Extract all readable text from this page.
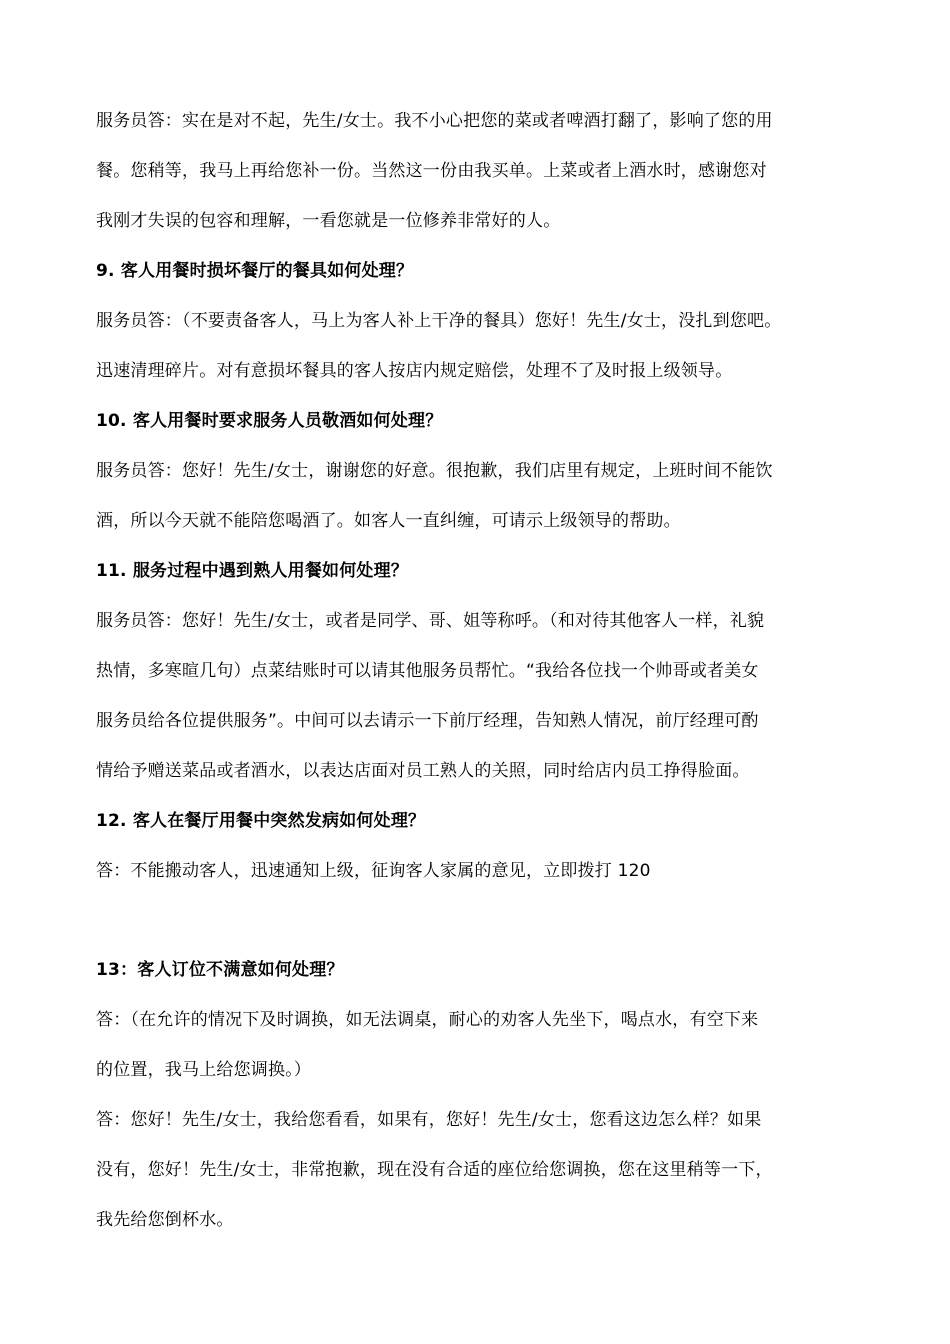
服务员答：实在是对不起，先生/女士。我不小心把您的菜或者啤酒打翻了，影响了您的用
餐。您稍等，我马上再给您补一份。当然这一份由我买单。上菜或者上酒水时，感谢您对
我刚才失误的包容和理解，一看您就是一位修养非常好的人。
9. 客人用餐时损坏餐厅的餐具如何处理？
服务员答：（不要责备客人，马上为客人补上干净的餐具）您好！先生/女士，没扎到您吧。
迅速清理碎片。对有意损坏餐具的客人按店内规定赔偿，处理不了及时报上级领导。
10. 客人用餐时要求服务人员敬酒如何处理？
服务员答：您好！先生/女士，谢谢您的好意。很抱歉，我们店里有规定，上班时间不能饮
酒，所以今天就不能陪您喝酒了。如客人一直纠缠，可请示上级领导的帮助。
11. 服务过程中遇到熟人用餐如何处理？
服务员答：您好！先生/女士，或者是同学、哥、姐等称呼。（和对待其他客人一样，礼貌
热情，多寒暄几句）点菜结账时可以请其他服务员帮忙。“我给各位找一个帅哥或者美女
服务员给各位提供服务”。中间可以去请示一下前厅经理，告知熟人情况，前厅经理可酌
情给予赠送菜品或者酒水，以表达店面对员工熟人的关照，同时给店内员工挣得脸面。
12. 客人在餐厅用餐中突然发病如何处理？
答：不能搬动客人，迅速通知上级，征询客人家属的意见，立即拨打 120
13：客人订位不满意如何处理？
答：（在允许的情况下及时调换，如无法调桌，耐心的劝客人先坐下，喝点水，有空下来
的位置，我马上给您调换。）
答：您好！先生/女士，我给您看看，如果有，您好！先生/女士，您看这边怎么样？如果
没有，您好！先生/女士，非常抱歉，现在没有合适的座位给您调换，您在这里稍等一下，
我先给您倒杯水。
